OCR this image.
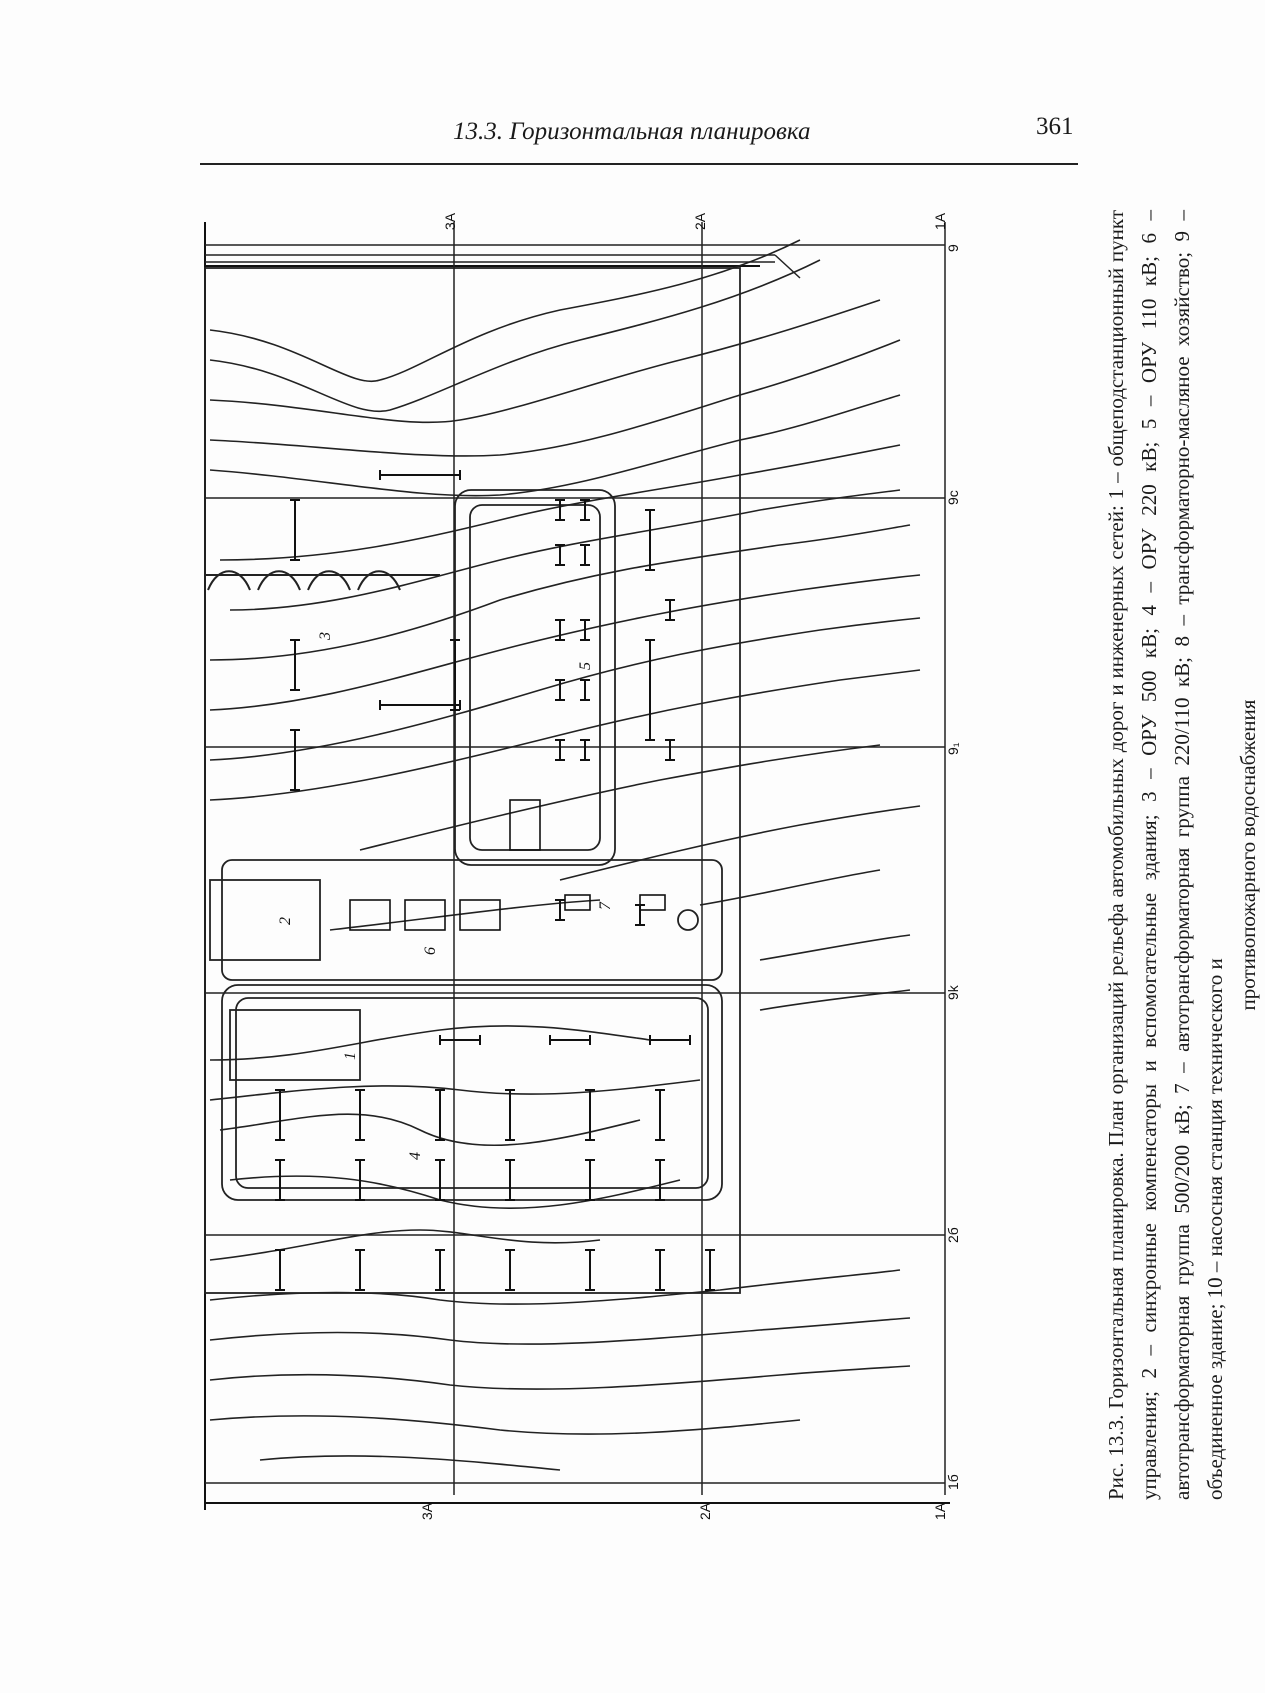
13.3. Горизонтальная планировка	361
3А	2А	1А
3А	2А	1А
9
9c
9₁
9k
2б
1б
1
2
3
4
5
6
7	Рис. 13.3. Горизонтальная планировка. План организаций рельефа автомобильных дорог и инженерных сетей: 1 – общеподстанционный пункт управления; 2 – синхронные компенсаторы и вспомогательные здания; 3 – ОРУ 500 кВ; 4 – ОРУ 220 кВ; 5 – ОРУ 110 кВ; 6 – автотрансформаторная группа 500/200 кВ; 7 – автотрансформаторная группа 220/110 кВ; 8 – трансформаторно-масляное хозяйство; 9 – объединенное здание; 10 – насосная станция технического и
противопожарного водоснабжения
